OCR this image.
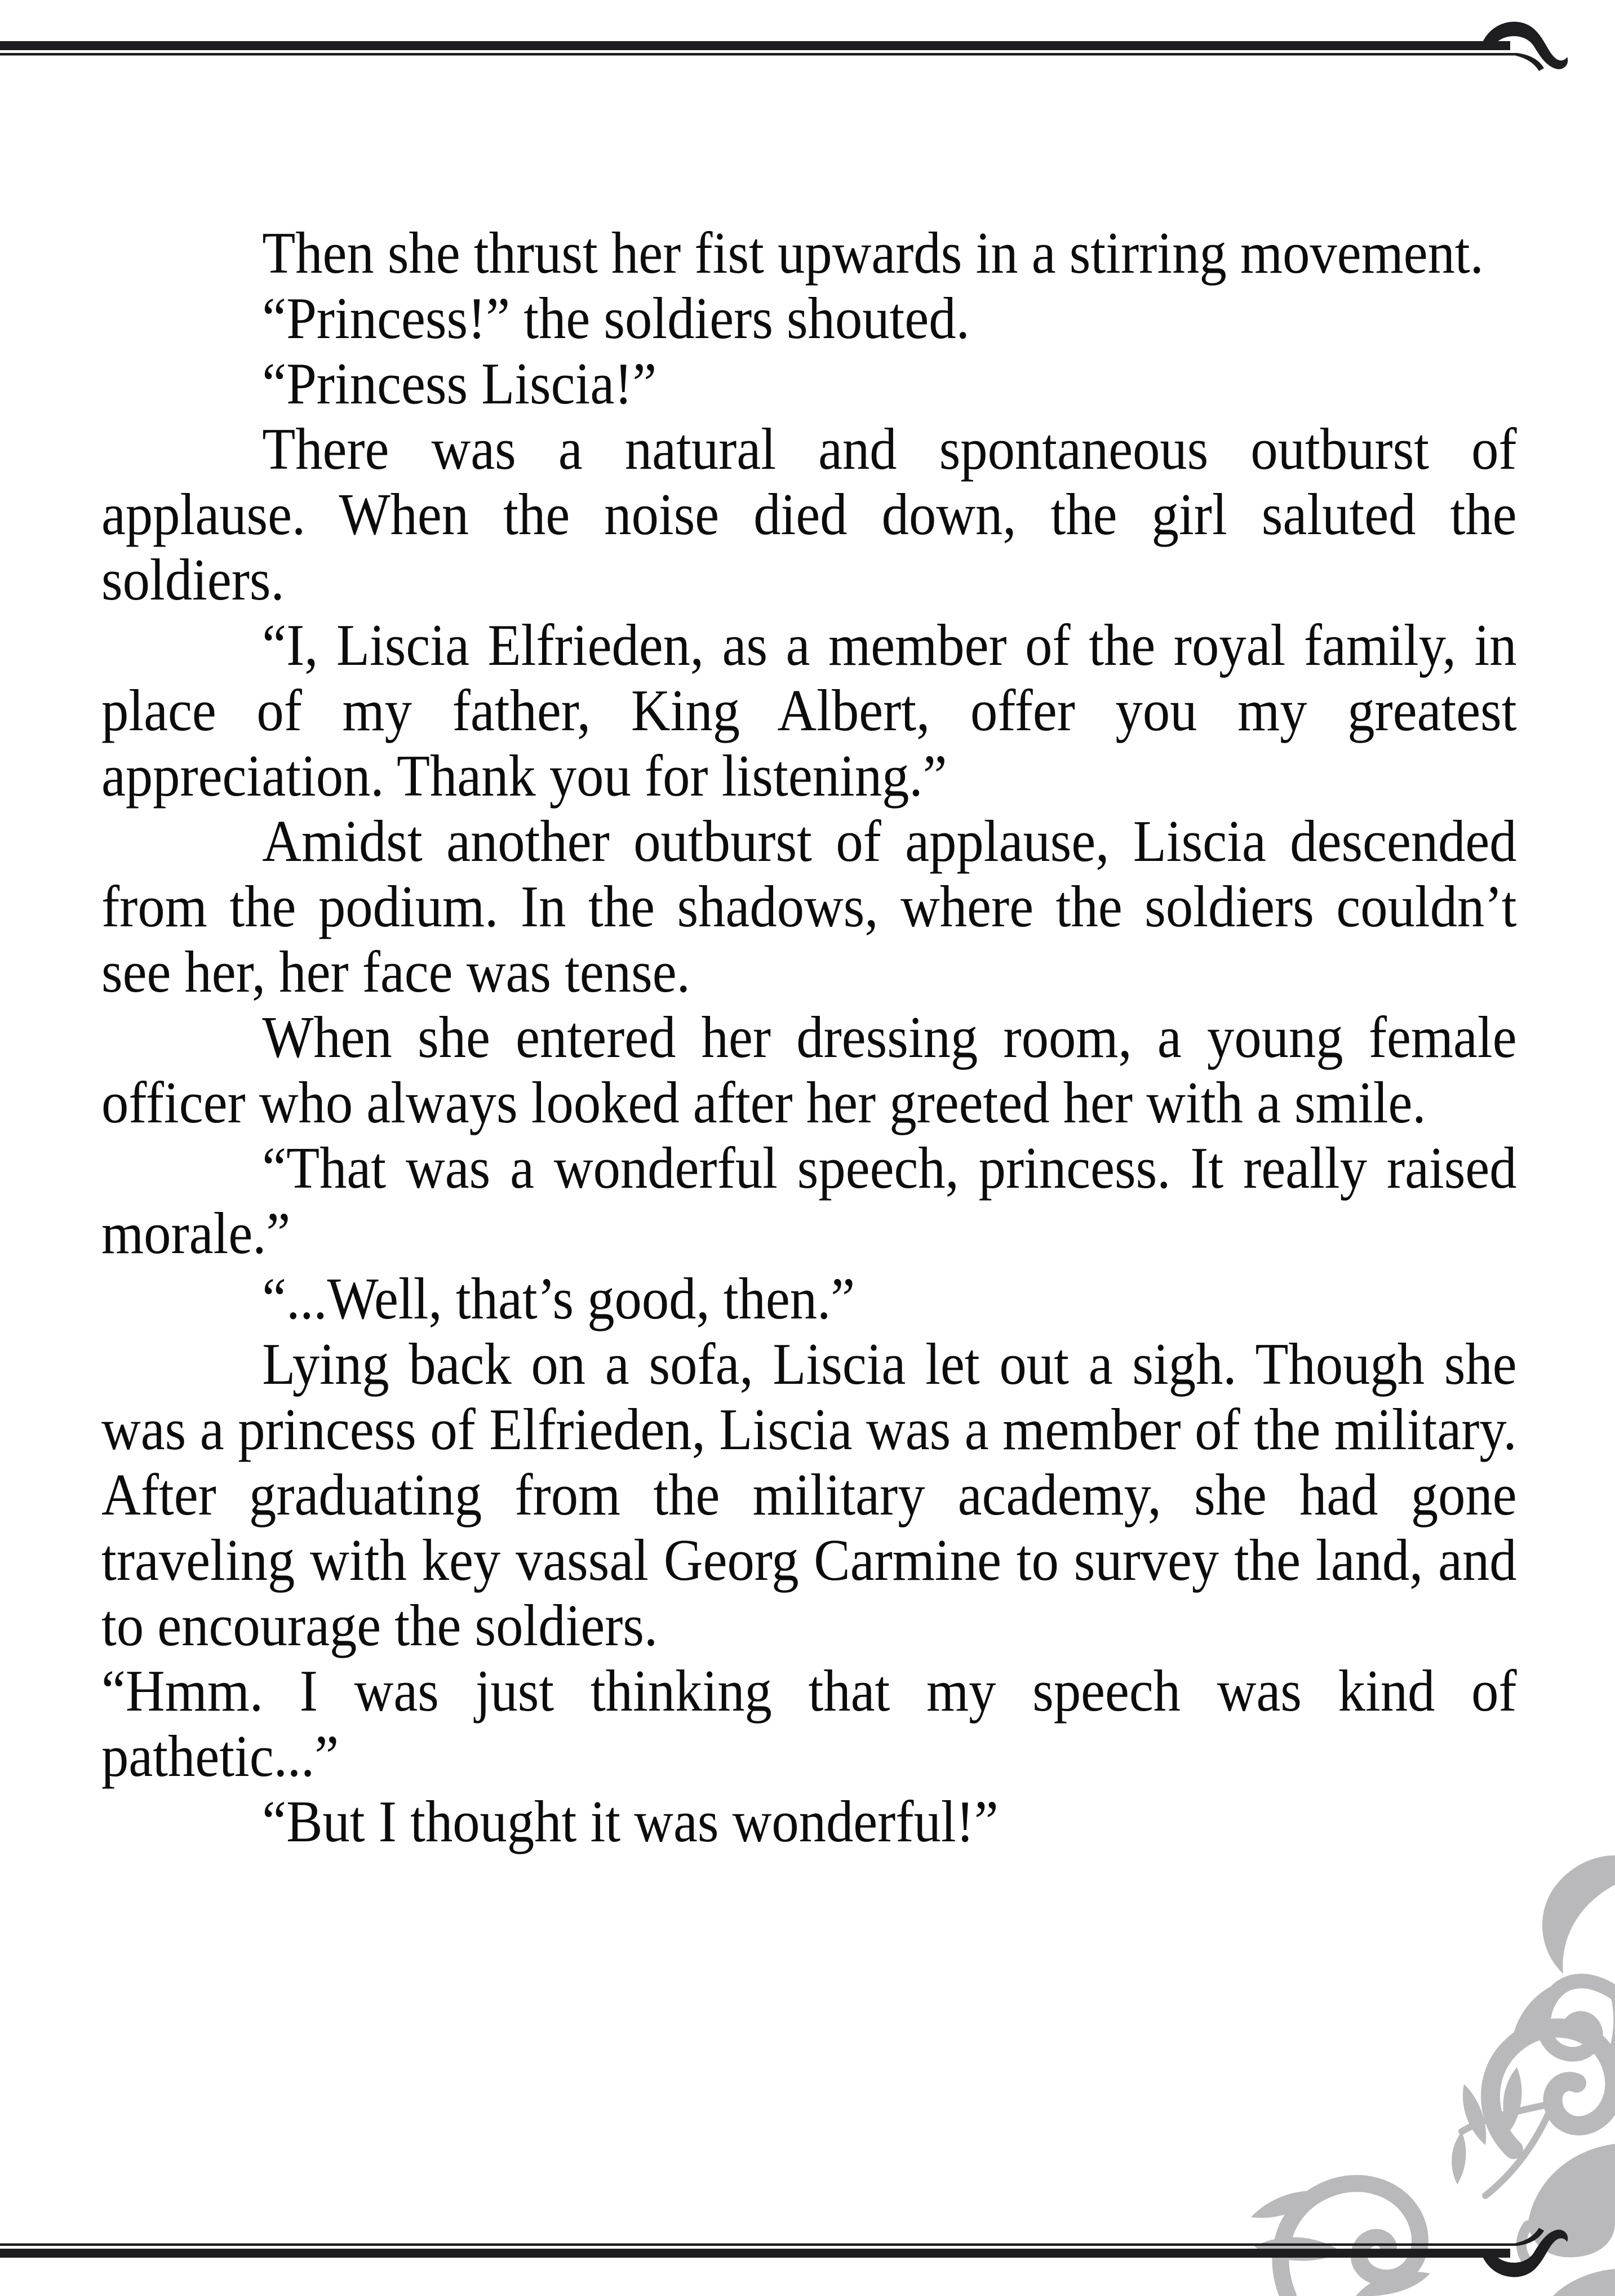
Then she thrust her fist upwards in a stirring movement.

“Princess!” the soldiers shouted.

“Princess Liscia!”

There was a natural and spontaneous outburst of applause. When the noise died down, the girl saluted the soldiers.

“I, Liscia Elfrieden, as a member of the royal family, in place of my father, King Albert, offer you my greatest appreciation. Thank you for listening.”

Amidst another outburst of applause, Liscia descended from the podium. In the shadows, where the soldiers couldn’t see her, her face was tense.

When she entered her dressing room, a young female officer who always looked after her greeted her with a smile.

“That was a wonderful speech, princess. It really raised morale.”

“...Well, that’s good, then.”

Lying back on a sofa, Liscia let out a sigh. Though she was a princess of Elfrieden, Liscia was a member of the military. After graduating from the military academy, she had gone traveling with key vassal Georg Carmine to survey the land, and to encourage the soldiers.

“Hmm. I was just thinking that my speech was kind of pathetic...”

“But I thought it was wonderful!”
